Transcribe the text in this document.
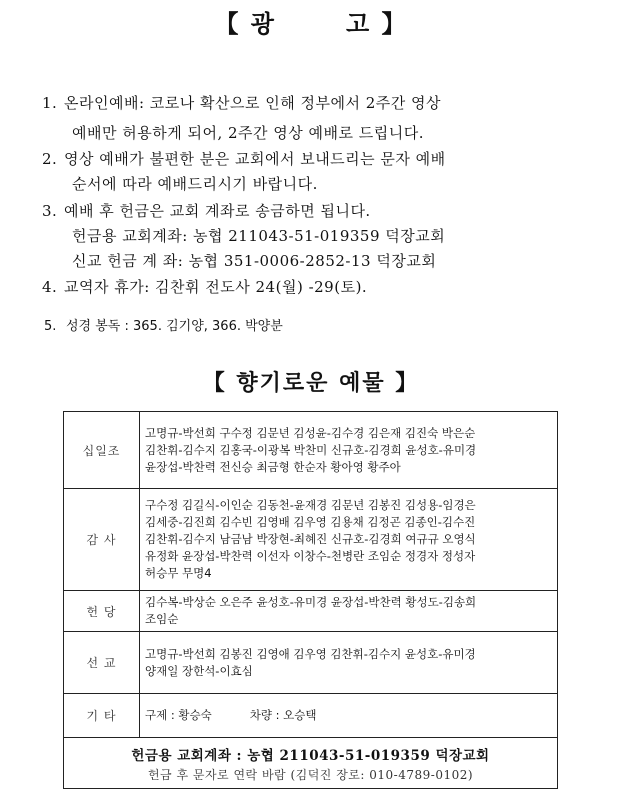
【 광	고 】
1. 온라인예배: 코로나 확산으로 인해 정부에서 2주간 영상
예배만 허용하게 되어, 2주간 영상 예배로 드립니다.
2. 영상 예배가 불편한 분은 교회에서 보내드리는 문자 예배
순서에 따라 예배드리시기 바랍니다.
3. 예배 후 헌금은 교회 계좌로 송금하면 됩니다.
헌금용 교회계좌: 농협 211043-51-019359 덕장교회
신교 헌금 계 좌: 농협 351-0006-2852-13 덕장교회
4. 교역자 휴가: 김찬휘 전도사 24(월) -29(토).
5. 성경 봉독 : 365. 김기양, 366. 박양분
【 향기로운 예물 】
십일조	고명규-박선희 구수정 김문년 김성윤-김수경 김은재 김진숙 박은순
김찬휘-김수지 김홍국-이광복 박찬미 신규호-김경희 윤성호-유미경
윤장섭-박찬력 전신승 최금형 한순자 황아영 황주아

감 사	구수정 김길식-이인순 김동천-윤재경 김문년 김봉진 김성용-임경은
김세중-김진희 김수빈 김영배 김우영 김용채 김정곤 김종인-김수진
김찬휘-김수지 남금남 박장현-최혜진 신규호-김경희 여규규 오영식
유정화 윤장섭-박찬력 이선자 이창수-천병란 조임순 정경자 정성자
허승무 무명4

헌 당	김수복-박상순 오은주 윤성호-유미경 윤장섭-박찬력 황성도-김송희
조임순

선 교	고명규-박선희 김봉진 김영애 김우영 김찬휘-김수지 윤성호-유미경
양재일 장한석-이효심

기 타	구제 : 황승숙 차량 : 오승택

헌금용 교회계좌 : 농협 211043-51-019359 덕장교회
헌금 후 문자로 연락 바람 (김덕진 장로: 010-4789-0102)	
